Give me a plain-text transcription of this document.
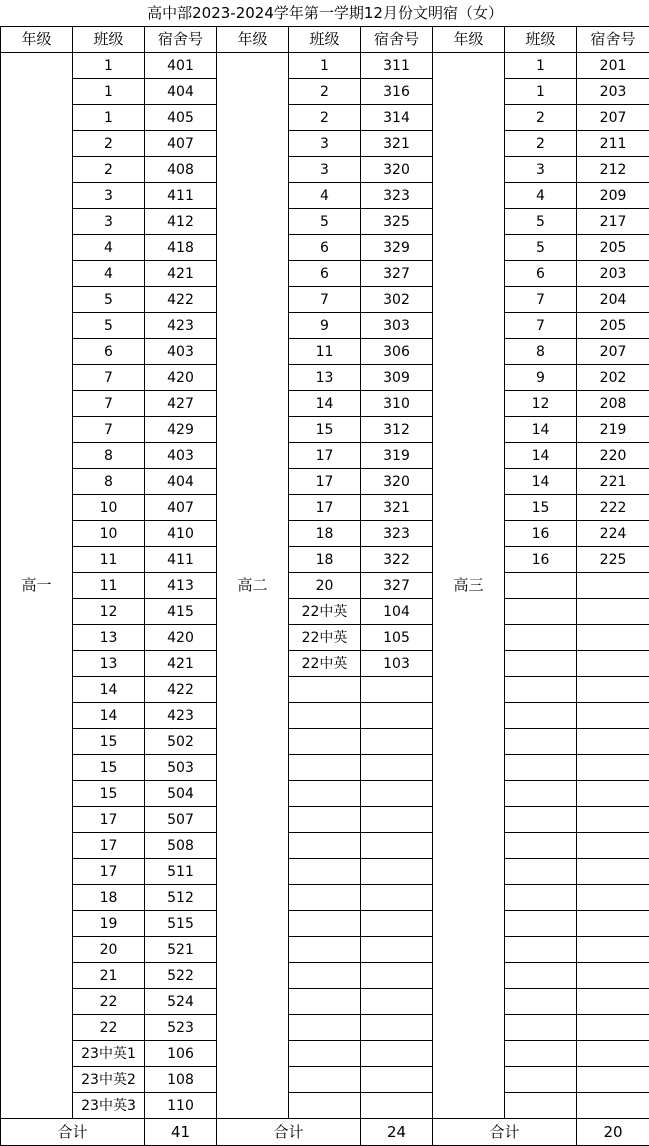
高中部2023-2024学年第一学期12月份文明宿（女）								
年级	班级	宿舍号	年级	班级	宿舍号	年级	班级	宿舍号
高一	1	401	高二	1	311	高三	1	201
	1	404		2	316		1	203
	1	405		2	314		2	207
	2	407		3	321		2	211
	2	408		3	320		3	212
	3	411		4	323		4	209
	3	412		5	325		5	217
	4	418		6	329		5	205
	4	421		6	327		6	203
	5	422		7	302		7	204
	5	423		9	303		7	205
	6	403		11	306		8	207
	7	420		13	309		9	202
	7	427		14	310		12	208
	7	429		15	312		14	219
	8	403		17	319		14	220
	8	404		17	320		14	221
	10	407		17	321		15	222
	10	410		18	323		16	224
	11	411		18	322		16	225
	11	413		20	327			
	12	415		22中英	104			
	13	420		22中英	105			
	13	421		22中英	103			
	14	422						
	14	423						
	15	502						
	15	503						
	15	504						
	17	507						
	17	508						
	17	511						
	18	512						
	19	515						
	20	521						
	21	522						
	22	524						
	22	523						
	23中英1	106						
	23中英2	108						
	23中英3	110						
合计		41	合计		24	合计		20
